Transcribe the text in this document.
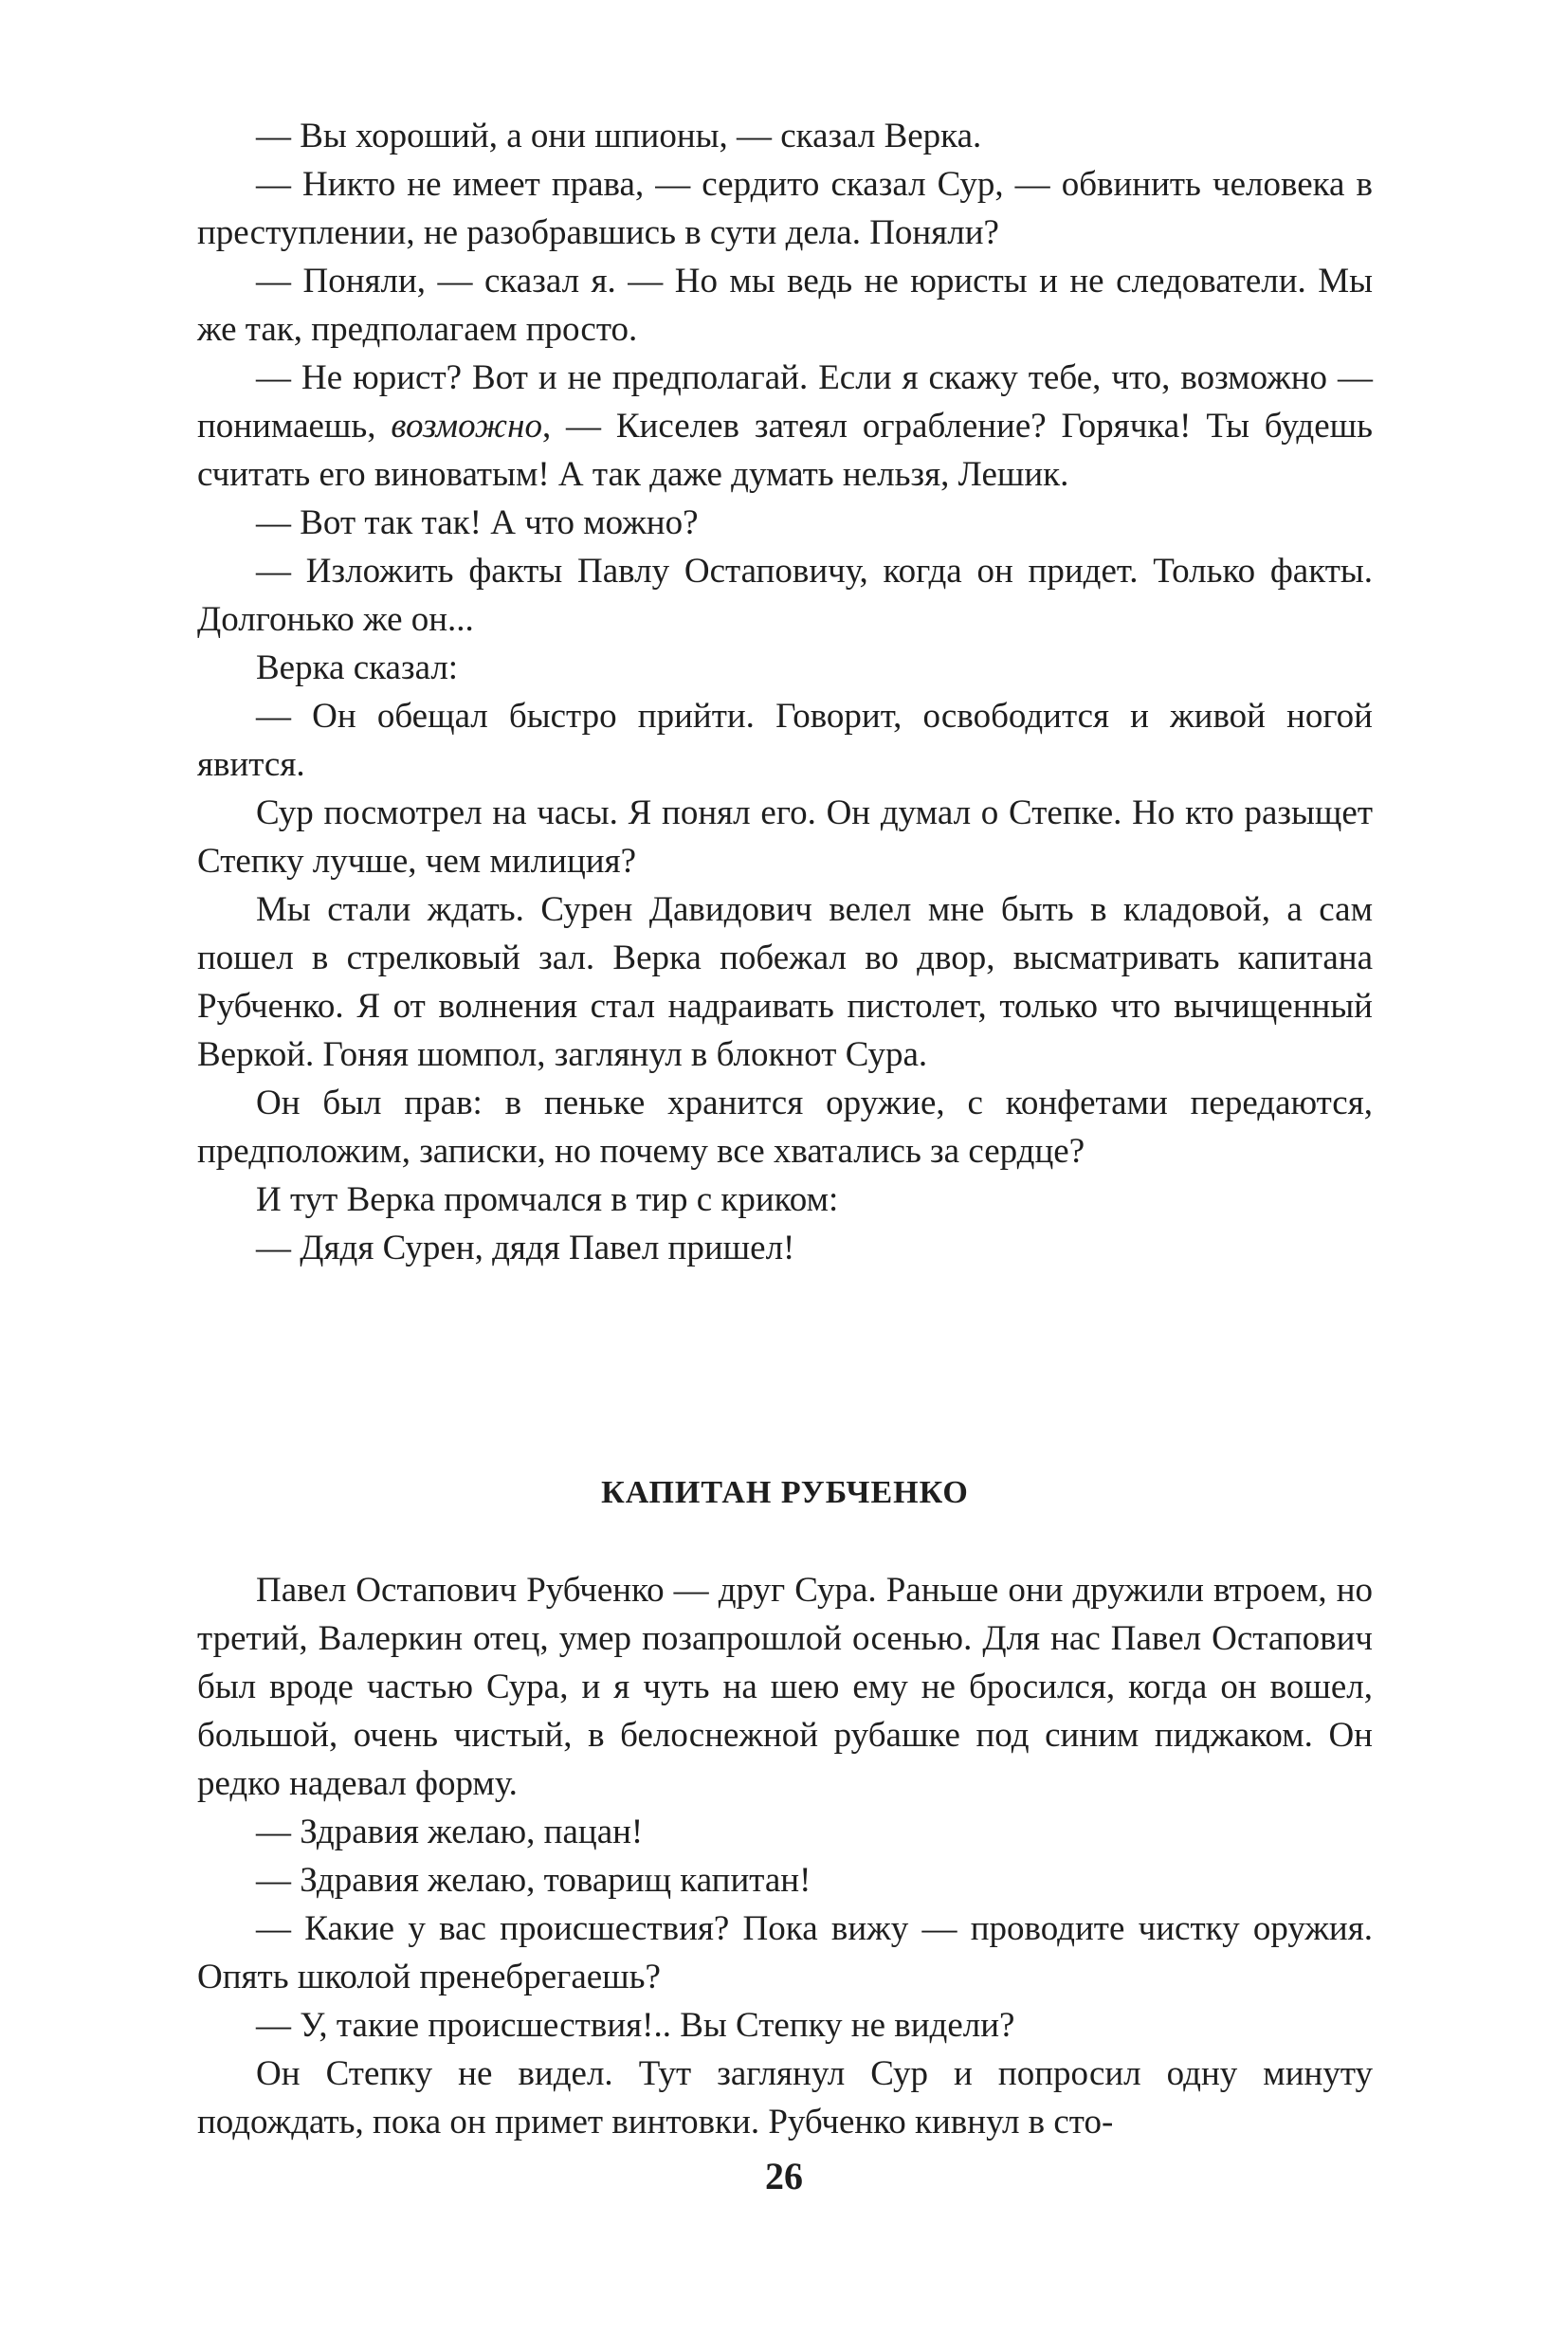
— Вы хороший, а они шпионы, — сказал Верка.

— Никто не имеет права, — сердито сказал Сур, — обвинить человека в преступлении, не разобравшись в сути дела. Поняли?

— Поняли, — сказал я. — Но мы ведь не юристы и не следователи. Мы же так, предполагаем просто.

— Не юрист? Вот и не предполагай. Если я скажу тебе, что, возможно — понимаешь, возможно, — Киселев затеял ограбление? Горячка! Ты будешь считать его виноватым! А так даже думать нельзя, Лешик.

— Вот так так! А что можно?

— Изложить факты Павлу Остаповичу, когда он придет. Только факты. Долгонько же он...

Верка сказал:

— Он обещал быстро прийти. Говорит, освободится и живой ногой явится.

Сур посмотрел на часы. Я понял его. Он думал о Степке. Но кто разыщет Степку лучше, чем милиция?

Мы стали ждать. Сурен Давидович велел мне быть в кладовой, а сам пошел в стрелковый зал. Верка побежал во двор, высматривать капитана Рубченко. Я от волнения стал надраивать пистолет, только что вычищенный Веркой. Гоняя шомпол, заглянул в блокнот Сура.

Он был прав: в пеньке хранится оружие, с конфетами передаются, предположим, записки, но почему все хватались за сердце?

И тут Верка промчался в тир с криком:

— Дядя Сурен, дядя Павел пришел!

КАПИТАН РУБЧЕНКО

Павел Остапович Рубченко — друг Сура. Раньше они дружили втроем, но третий, Валеркин отец, умер позапрошлой осенью. Для нас Павел Остапович был вроде частью Сура, и я чуть на шею ему не бросился, когда он вошел, большой, очень чистый, в белоснежной рубашке под синим пиджаком. Он редко надевал форму.

— Здравия желаю, пацан!

— Здравия желаю, товарищ капитан!

— Какие у вас происшествия? Пока вижу — проводите чистку оружия. Опять школой пренебрегаешь?

— У, такие происшествия!.. Вы Степку не видели?

Он Степку не видел. Тут заглянул Сур и попросил одну минуту подождать, пока он примет винтовки. Рубченко кивнул в сто-

26
